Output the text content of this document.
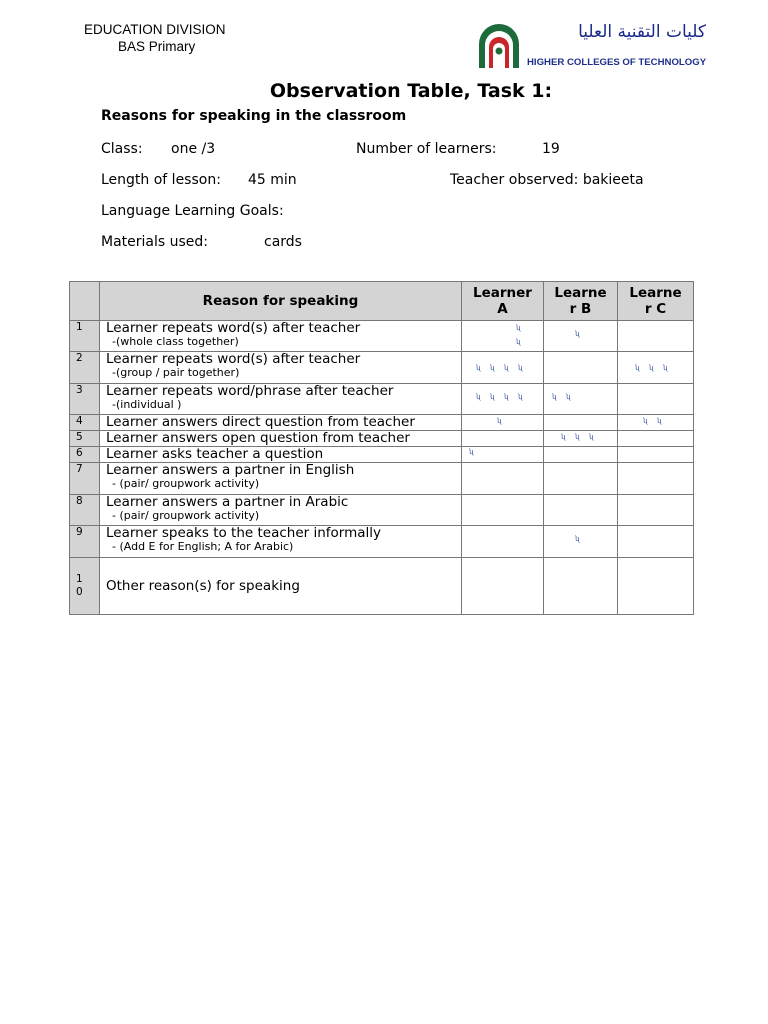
EDUCATION DIVISION
BAS Primary
كليات التقنية العليا
HIGHER COLLEGES OF TECHNOLOGY
Observation Table, Task 1:
Reasons for speaking in the classroom
Class: one /3	Number of learners:	19
Length of lesson: 45 min	Teacher observed: bakieeta
Language Learning Goals:
Materials used:	cards
	Reason for speaking	Learner
A	Learne
r B	Learne
r C
1	Learner repeats word(s) after teacher
-(whole class together)	ʯ
ʯ	ʯ	

2	Learner repeats word(s) after teacher
-(group / pair together)	ʯ ʯ ʯ ʯ		ʯ ʯ ʯ

3	Learner repeats word/phrase after teacher
-(individual )	ʯ ʯ ʯ ʯ	ʯ ʯ	

4	Learner answers direct question from teacher	ʯ		ʯ ʯ

5	Learner answers open question from teacher		ʯ ʯ ʯ	

6	Learner asks teacher a question	ʯ		

7	Learner answers a partner in English
- (pair/ groupwork activity)			

8	Learner answers a partner in Arabic
- (pair/ groupwork activity)			

9	Learner speaks to the teacher informally
- (Add E for English; A for Arabic)		ʯ	

1
0	Other reason(s) for speaking			
